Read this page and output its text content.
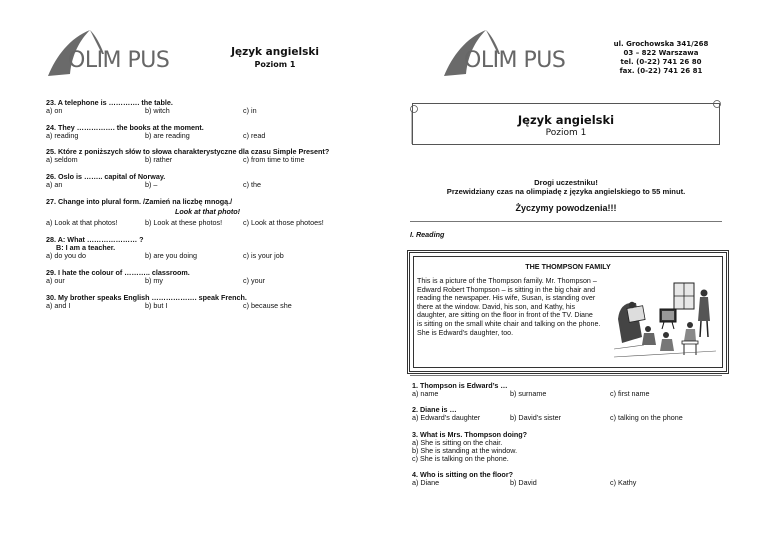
OLIM PUS	Język angielski
Poziom 1
23. A telephone is …………. the table.
a) on	b) witch	c) in
24. They ……………. the books at the moment.
a) reading	b) are reading	c) read
25. Które z poniższych słów to słowa charakterystyczne dla czasu Simple Present?
a) seldom	b) rather	c) from time to time
26. Oslo is …….. capital of Norway.
a) an	b) –	c) the
27. Change into plural form. /Zamień na liczbę mnogą./
Look at that photo!
a) Look at that photos!	b) Look at these photos!	c) Look at those photoes!
28. A: What ………………… ?
B: I am a teacher.
a) do you do	b) are you doing	c) is your job
29. I hate the colour of ……….. classroom.
a) our	b) my	c) your
30. My brother speaks English ………………. speak French.
a) and I	b) but I	c) because she
OLIM PUS
ul. Grochowska 341/268
03 – 822 Warszawa
tel. (0-22) 741 26 80
fax. (0-22) 741 26 81
Język angielski
Poziom 1
Drogi uczestniku!
Przewidziany czas na olimpiadę z języka angielskiego to 55 minut.
Życzymy powodzenia!!!
I. Reading
THE THOMPSON FAMILY
This is a picture of the Thompson family. Mr. Thompson –
Edward Robert Thompson – is sitting in the big chair and
reading the newspaper. His wife, Susan, is standing over
there at the window. David, his son, and Kathy, his
daughter, are sitting on the floor in front of the TV. Diane
is sitting on the small white chair and talking on the phone.
She is Edward’s daughter, too.
1. Thompson is Edward’s …
a) name	b) surname	c) first name
2. Diane is …
a) Edward’s daughter	b) David’s sister	c) talking on the phone
3. What is Mrs. Thompson doing?
a) She is sitting on the chair.
b) She is standing at the window.
c) She is talking on the phone.
4. Who is sitting on the floor?
a) Diane	b) David	c) Kathy
